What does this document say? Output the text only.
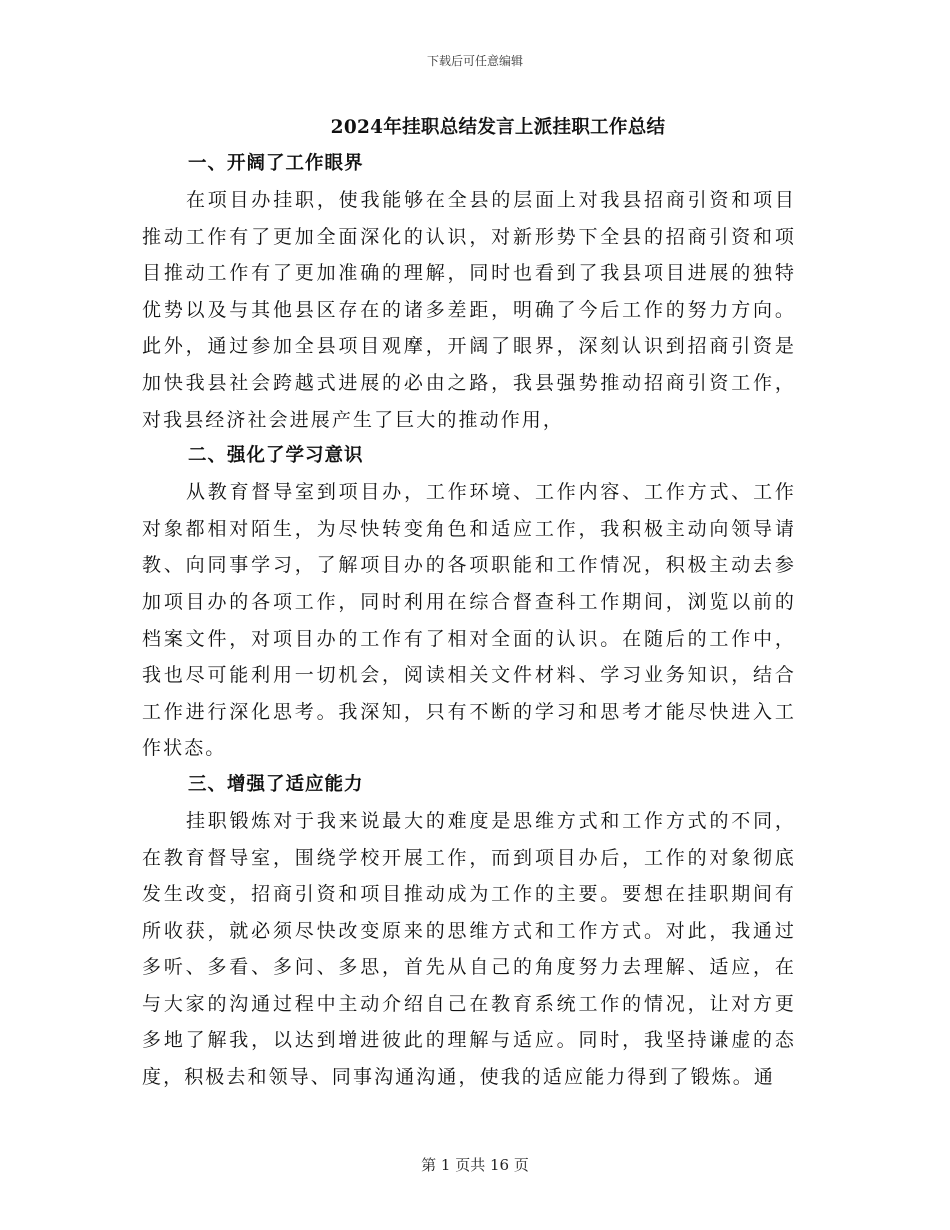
下载后可任意编辑
2024年挂职总结发言上派挂职工作总结
一、开阔了工作眼界

在项目办挂职，使我能够在全县的层面上对我县招商引资和项目推动工作有了更加全面深化的认识，对新形势下全县的招商引资和项目推动工作有了更加准确的理解，同时也看到了我县项目进展的独特优势以及与其他县区存在的诸多差距，明确了今后工作的努力方向。此外，通过参加全县项目观摩，开阔了眼界，深刻认识到招商引资是加快我县社会跨越式进展的必由之路，我县强势推动招商引资工作，对我县经济社会进展产生了巨大的推动作用，

二、强化了学习意识

从教育督导室到项目办，工作环境、工作内容、工作方式、工作对象都相对陌生，为尽快转变角色和适应工作，我积极主动向领导请教、向同事学习，了解项目办的各项职能和工作情况，积极主动去参加项目办的各项工作，同时利用在综合督查科工作期间，浏览以前的档案文件，对项目办的工作有了相对全面的认识。在随后的工作中，我也尽可能利用一切机会，阅读相关文件材料、学习业务知识，结合工作进行深化思考。我深知，只有不断的学习和思考才能尽快进入工作状态。

三、增强了适应能力

挂职锻炼对于我来说最大的难度是思维方式和工作方式的不同，在教育督导室，围绕学校开展工作，而到项目办后，工作的对象彻底发生改变，招商引资和项目推动成为工作的主要。要想在挂职期间有所收获，就必须尽快改变原来的思维方式和工作方式。对此，我通过多听、多看、多问、多思，首先从自己的角度努力去理解、适应，在与大家的沟通过程中主动介绍自己在教育系统工作的情况，让对方更多地了解我，以达到增进彼此的理解与适应。同时，我坚持谦虚的态度，积极去和领导、同事沟通沟通，使我的适应能力得到了锻炼。通

第 1 页共 16 页
